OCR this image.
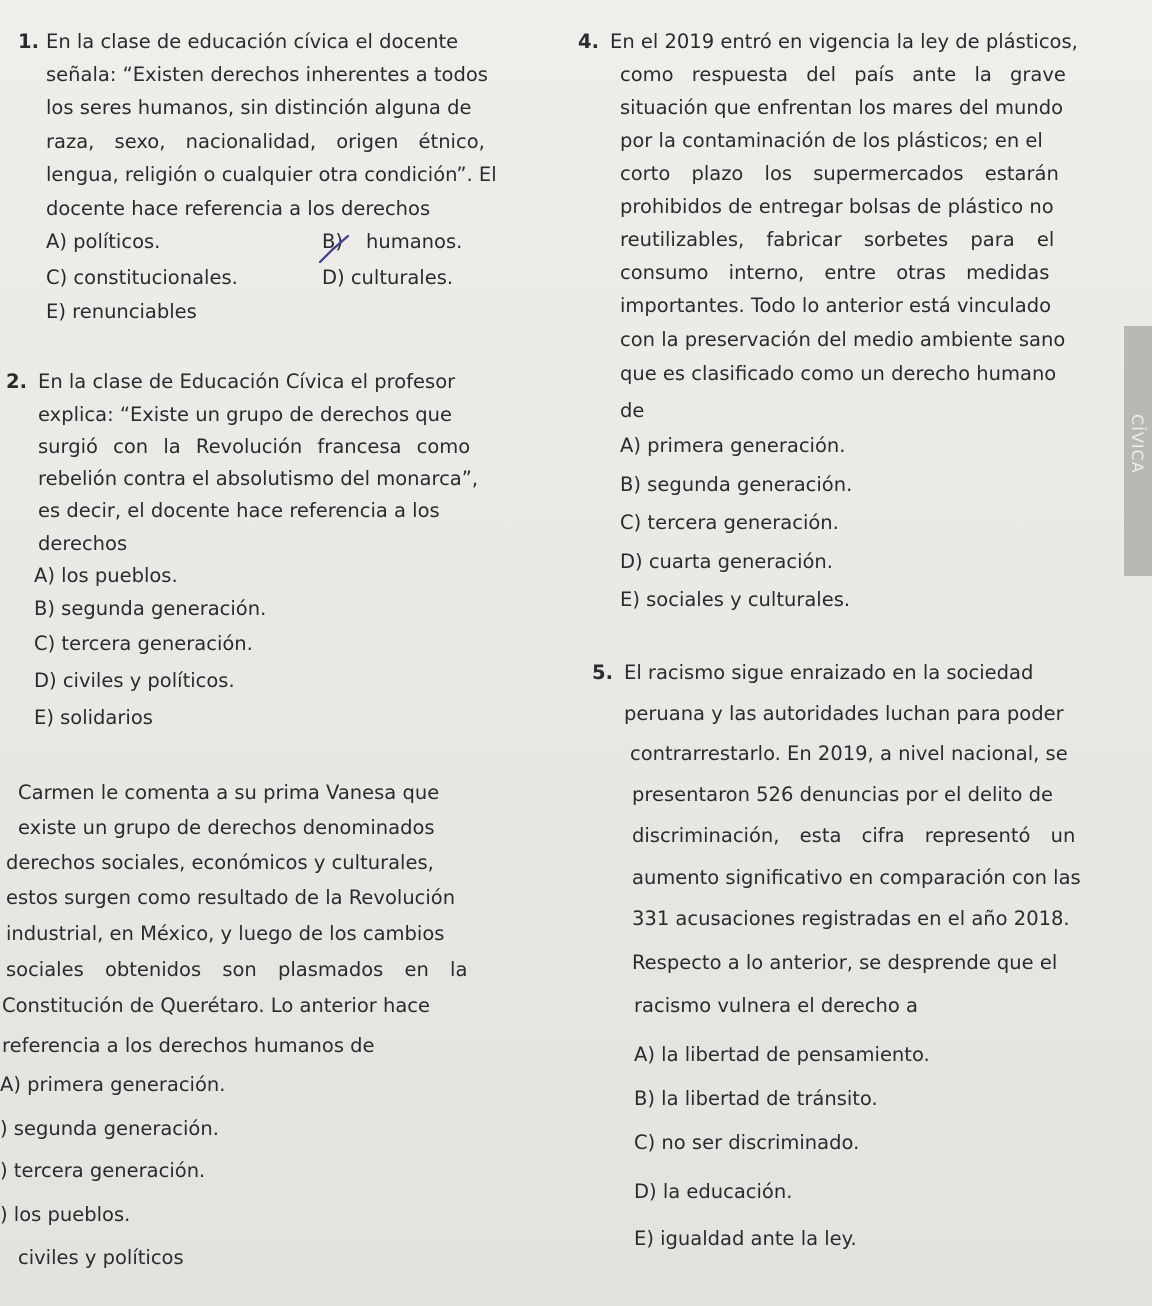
1. En la clase de educación cívica el docente
señala: “Existen derechos inherentes a todos
los seres humanos, sin distinción alguna de
raza, sexo, nacionalidad, origen étnico,
lengua, religión o cualquier otra condición”. El
docente hace referencia a los derechos
A) políticos.	B) humanos.
C) constitucionales.	D) culturales.
E) renunciables
2. En la clase de Educación Cívica el profesor
explica: “Existe un grupo de derechos que
surgió con la Revolución francesa como
rebelión contra el absolutismo del monarca”,
es decir, el docente hace referencia a los
derechos
A) los pueblos.
B) segunda generación.
C) tercera generación.
D) civiles y políticos.
E) solidarios
Carmen le comenta a su prima Vanesa que
existe un grupo de derechos denominados
derechos sociales, económicos y culturales,
estos surgen como resultado de la Revolución
industrial, en México, y luego de los cambios
sociales obtenidos son plasmados en la
Constitución de Querétaro. Lo anterior hace
referencia a los derechos humanos de
A) primera generación.
) segunda generación.
) tercera generación.
) los pueblos.
civiles y políticos
4. En el 2019 entró en vigencia la ley de plásticos,
como respuesta del país ante la grave
situación que enfrentan los mares del mundo
por la contaminación de los plásticos; en el
corto plazo los supermercados estarán
prohibidos de entregar bolsas de plástico no
reutilizables, fabricar sorbetes para el
consumo interno, entre otras medidas
importantes. Todo lo anterior está vinculado
con la preservación del medio ambiente sano
que es clasificado como un derecho humano
de
A) primera generación.
B) segunda generación.
C) tercera generación.
D) cuarta generación.
E) sociales y culturales.
5. El racismo sigue enraizado en la sociedad
peruana y las autoridades luchan para poder
contrarrestarlo. En 2019, a nivel nacional, se
presentaron 526 denuncias por el delito de
discriminación, esta cifra representó un
aumento significativo en comparación con las
331 acusaciones registradas en el año 2018.
Respecto a lo anterior, se desprende que el
racismo vulnera el derecho a
A) la libertad de pensamiento.
B) la libertad de tránsito.
C) no ser discriminado.
D) la educación.
E) igualdad ante la ley.
CÍVICA
